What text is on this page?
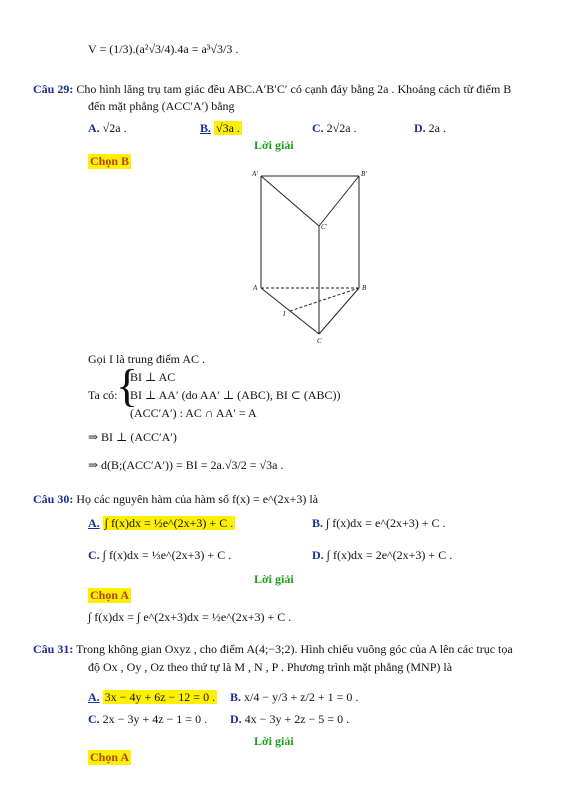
V = (1/3).(a²√3/4).4a = a³√3/3 .
Câu 29: Cho hình lăng trụ tam giác đều ABC.A′B′C′ có cạnh đáy bằng 2a . Khoảng cách từ điểm B
đến mặt phẳng (ACC′A′) bằng
A. √2a .	B. √3a .	C. 2√2a .	D. 2a .
Lời giải
Chọn B
A'	B'
C'
A	B
C
I
Gọi I là trung điểm AC .
Ta có:
{
BI ⊥ AC
BI ⊥ AA′ (do AA′ ⊥ (ABC), BI ⊂ (ABC))
(ACC′A′) : AC ∩ AA′ = A
⇒ BI ⊥ (ACC′A′)
⇒ d(B;(ACC′A′)) = BI = 2a.√3/2 = √3a .
Câu 30: Họ các nguyên hàm của hàm số f(x) = e^(2x+3) là
A. ∫ f(x)dx = ½e^(2x+3) + C .	B. ∫ f(x)dx = e^(2x+3) + C .
C. ∫ f(x)dx = ⅓e^(2x+3) + C .	D. ∫ f(x)dx = 2e^(2x+3) + C .
Lời giải
Chọn A
∫ f(x)dx = ∫ e^(2x+3)dx = ½e^(2x+3) + C .
Câu 31: Trong không gian Oxyz , cho điểm A(4;−3;2). Hình chiếu vuông góc của A lên các trục tọa
độ Ox , Oy , Oz theo thứ tự là M , N , P . Phương trình mặt phẳng (MNP) là
A. 3x − 4y + 6z − 12 = 0 . B. x/4 − y/3 + z/2 + 1 = 0 .
C. 2x − 3y + 4z − 1 = 0 . D. 4x − 3y + 2z − 5 = 0 .
Lời giải
Chọn A
